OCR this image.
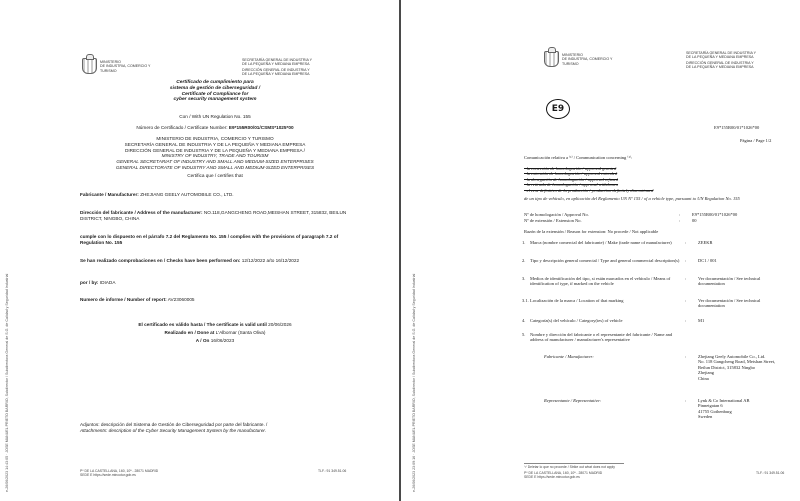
e-26/06/2023 14:43:05 · JOSE MANUEL PRIETO BARRIO, Subdirector / Subdirectora General de S.G. de Calidad y Seguridad Industrial
MINISTERIO
DE INDUSTRIA, COMERCIO Y
TURISMO
SECRETARÍA GENERAL DE INDUSTRIA Y
DE LA PEQUEÑA Y MEDIANA EMPRESA
DIRECCIÓN GENERAL DE INDUSTRIA Y
DE LA PEQUEÑA Y MEDIANA EMPRESA
Certificado de cumplimiento para
sistema de gestión de ciberseguridad /
Certificate of Compliance for
cyber security management system
Con / With UN Regulation No. 155
Número de Certificado / Certificate Number: E9*155R00/01/CSMS*1025*00
MINISTERIO DE INDUSTRIA, COMERCIO Y TURISMO
SECRETARÍA GENERAL DE INDUSTRIA Y DE LA PEQUEÑA Y MEDIANA EMPRESA
DIRECCIÓN GENERAL DE INDUSTRIA Y DE LA PEQUEÑA Y MEDIANA EMPRESA /
MINISTRY OF INDUSTRY, TRADE AND TOURISM
GENERAL SECRETARIAT OF INDUSTRY AND SMALL AND MEDIUM-SIZED ENTERPRISES
GENERAL DIRECTORATE OF INDUSTRY AND SMALL AND MEDIUM-SIZED ENTERPRISES
Certifica que / certifies that
Fabricante / Manufacturer: ZHEJIANG GEELY AUTOMOBILE CO., LTD.
Dirección del fabricante / Address of the manufacturer: NO.118,GANGCHENG ROAD,MEISHAN STREET, 315832, BEILUN DISTRICT, NINGBO, CHINA
cumple con lo dispuesto en el párrafo 7.2 del Reglamento No. 155 / complies with the provisions of paragraph 7.2 of Regulation No. 155
Se han realizado comprobaciones en / Checks have been performed on: 12/12/2022 a/to 16/12/2022
por / by: IDIADA
Numero de informe / Number of report: AV23060005
El certificado es válido hasta / The certificate is valid until 20/06/2026
Realizado en / Done at L'Albornar (Santa Oliva)
A / On 16/06/2023
Adjuntos: descripción del Sistema de Gestión de Ciberseguridad por parte del fabricante. /
Attachments: description of the Cyber Security Management System by the manufacturer.
Pº DE LA CASTELLANA, 160, 10ª - 28071 MADRID
SEDE E https://sede.mincotur.gob.es
TLF.: 91 349.51.06	e-26/06/2023 23:09:16 · JOSE MANUEL PRIETO BARRIO, Subdirector / Subdirectora General de S.G. de Calidad y Seguridad Industrial
MINISTERIO
DE INDUSTRIA, COMERCIO Y
TURISMO
SECRETARÍA GENERAL DE INDUSTRIA Y
DE LA PEQUEÑA Y MEDIANA EMPRESA
DIRECCIÓN GENERAL DE INDUSTRIA Y
DE LA PEQUEÑA Y MEDIANA EMPRESA
E9
E9*155R00/01*1026*00
Página / Page 1/2
Comunicación relativa a ⁽¹⁾ / Communication concerning ⁽¹⁾:
- la concesión de homologación / approval granted
- la extensión de homologación / approval extended
- la denegación de homologación / approval refused
- la retirada de homologación / approval withdrawn
- el cese definitivo de la producción / production definitely discontinued
de un tipo de vehículo, en aplicación del Reglamento UN Nº 155 / of a vehicle type, pursuant to UN Regulation No. 155
Nº de homologación / Approval No.	:	E9*155R00/01*1026*00
Nº de extensión / Extension No.	:	00
Razón de la extensión / Reason for extension: No procede / Not applicable
1. Marca (nombre comercial del fabricante) / Make (trade name of manufacturer)	:	ZEEKR
2. Tipo y descripción general comercial / Type and general commercial description(s) :	DC1 / 001
3. Medios de identificación del tipo, si están marcados en el vehículo / Means of identification of type, if marked on the vehicle
:	Ver documentación / See technical documentation
3.1. Localización de la marca / Location of that marking	:	Ver documentación / See technical documentation
4. Categoría(s) del vehículo / Category(ies) of vehicle	:	M1
5. Nombre y dirección del fabricante o el representante del fabricante / Name and address of manufacturer / manufacturer's representative
Fabricante / Manufacturer:	:	Zhejiang Geely Automobile Co., Ltd.
No. 118 Gangcheng Road, Meishan Street,
Beilun District, 315832 Ningbo
Zhejiang
China
Representante / Representative:	:	Lynk & Co International AB
Pinnetgatan 6
41755 Gothenburg
Sweden
⁽¹⁾ Deletar lo que no procede / Strike out what does not apply
Pº DE LA CASTELLANA, 160, 10ª - 28071 MADRID
SEDE E https://sede.mincotur.gob.es
TLF.: 91 349.51.06
